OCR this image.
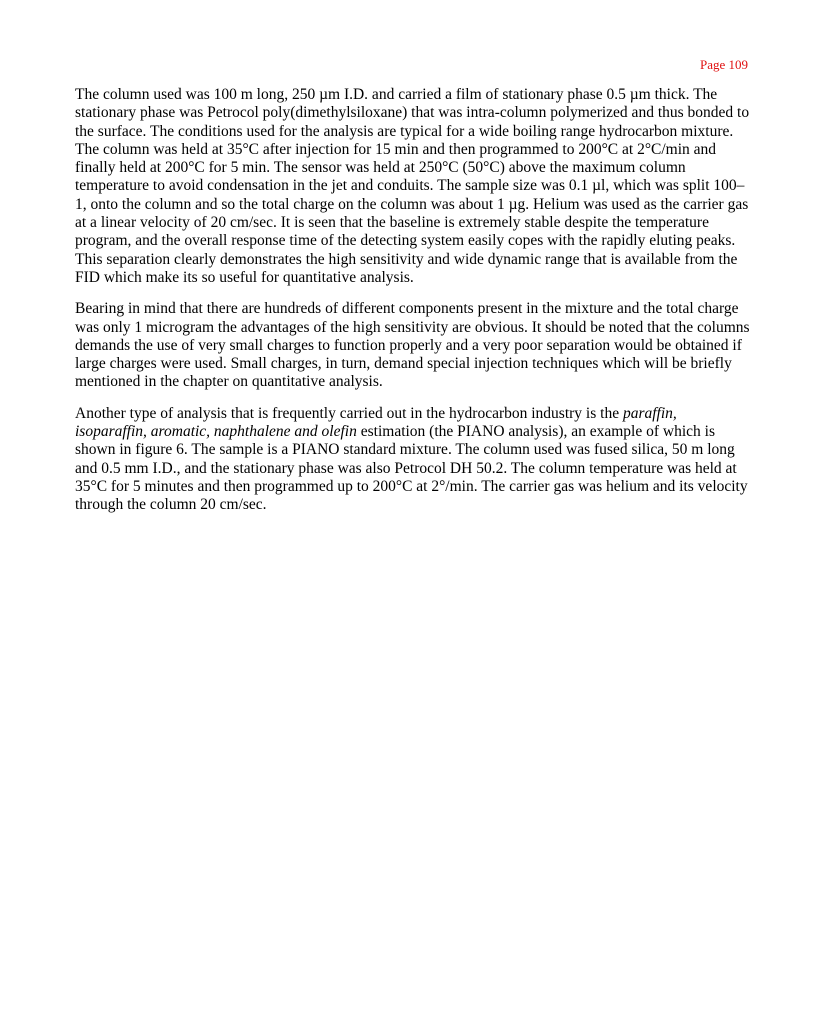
Page 109

The column used was 100 m long, 250 µm I.D. and carried a film of stationary phase 0.5 µm thick. The stationary phase was Petrocol poly(dimethylsiloxane) that was intra-column polymerized and thus bonded to the surface. The conditions used for the analysis are typical for a wide boiling range hydrocarbon mixture. The column was held at 35°C after injection for 15 min and then programmed to 200°C at 2°C/min and finally held at 200°C for 5 min. The sensor was held at 250°C (50°C) above the maximum column temperature to avoid condensation in the jet and conduits. The sample size was 0.1 µl, which was split 100–1, onto the column and so the total charge on the column was about 1 µg. Helium was used as the carrier gas at a linear velocity of 20 cm/sec. It is seen that the baseline is extremely stable despite the temperature program, and the overall response time of the detecting system easily copes with the rapidly eluting peaks. This separation clearly demonstrates the high sensitivity and wide dynamic range that is available from the FID which make its so useful for quantitative analysis.

Bearing in mind that there are hundreds of different components present in the mixture and the total charge was only 1 microgram the advantages of the high sensitivity are obvious. It should be noted that the columns demands the use of very small charges to function properly and a very poor separation would be obtained if large charges were used. Small charges, in turn, demand special injection techniques which will be briefly mentioned in the chapter on quantitative analysis.

Another type of analysis that is frequently carried out in the hydrocarbon industry is the paraffin, isoparaffin, aromatic, naphthalene and olefin estimation (the PIANO analysis), an example of which is shown in figure 6. The sample is a PIANO standard mixture. The column used was fused silica, 50 m long and 0.5 mm I.D., and the stationary phase was also Petrocol DH 50.2. The column temperature was held at 35°C for 5 minutes and then programmed up to 200°C at 2°/min. The carrier gas was helium and its velocity through the column 20 cm/sec.
